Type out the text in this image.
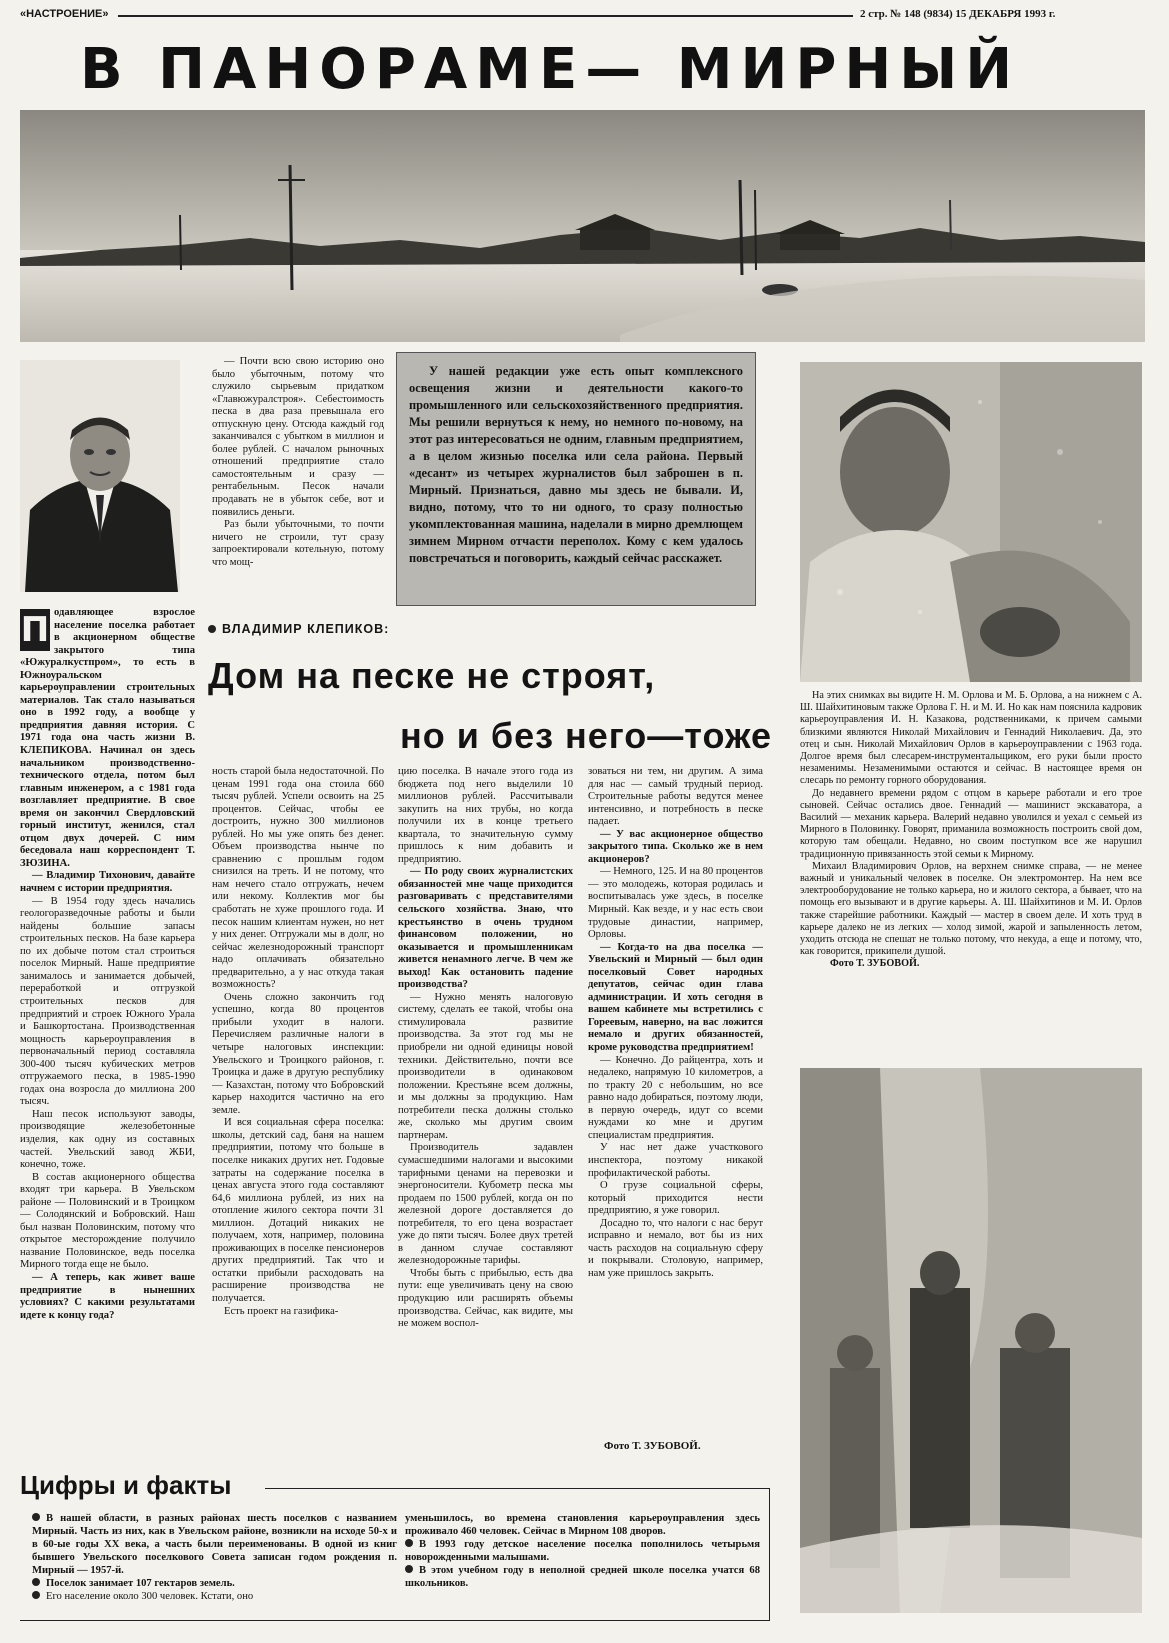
«НАСТРОЕНИЕ»	2 стр. № 148 (9834) 15 ДЕКАБРЯ 1993 г.
В ПАНОРАМЕ— МИРНЫЙ
П одавляющее взрослое население поселка работает в акционерном обществе закрытого типа «Южуралкустпром», то есть в Южноуральском карьероуправлении строительных материалов. Так стало называться оно в 1992 году, а вообще у предприятия давняя история. С 1971 года она часть жизни В. КЛЕПИКОВА. Начинал он здесь начальником производственно-технического отдела, потом был главным инженером, а с 1981 года возглавляет предприятие. В свое время он закончил Свердловский горный институт, женился, стал отцом двух дочерей. С ним беседовала наш корреспондент Т. ЗЮЗИНА.

— Владимир Тихонович, давайте начнем с истории предприятия.

— В 1954 году здесь начались геологоразведочные работы и были найдены большие запасы строительных песков. На базе карьера по их добыче потом стал строиться поселок Мирный. Наше предприятие занималось и занимается добычей, переработкой и отгрузкой строительных песков для предприятий и строек Южного Урала и Башкортостана. Производственная мощность карьероуправления в первоначальный период составляла 300-400 тысяч кубических метров отгружаемого песка, в 1985-1990 годах она возросла до миллиона 200 тысяч.

Наш песок используют заводы, производящие железобетонные изделия, как одну из составных частей. Увельский завод ЖБИ, конечно, тоже.

В состав акционерного общества входят три карьера. В Увельском районе — Половинский и в Троицком — Солодянский и Бобровский. Наш был назван Половинским, потому что открытое месторождение получило название Половинское, ведь поселка Мирного тогда еще не было.

— А теперь, как живет ваше предприятие в нынешних условиях? С какими результатами идете к концу года?

— Почти всю свою историю оно было убыточным, потому что служило сырьевым придатком «Главюжуралстроя». Себестоимость песка в два раза превышала его отпускную цену. Отсюда каждый год заканчивался с убытком в миллион и более рублей. С началом рыночных отношений предприятие стало самостоятельным и сразу — рентабельным. Песок начали продавать не в убыток себе, вот и появились деньги.

Раз были убыточными, то почти ничего не строили, тут сразу запроектировали котельную, потому что мощ-

У нашей редакции уже есть опыт комплексного освещения жизни и деятельности какого-то промышленного или сельскохозяйственного предприятия. Мы решили вернуться к нему, но немного по-новому, на этот раз интересоваться не одним, главным предприятием, а в целом жизнью поселка или села района. Первый «десант» из четырех журналистов был заброшен в п. Мирный. Признаться, давно мы здесь не бывали. И, видно, потому, что то ни одного, то сразу полностью укомплектованная машина, наделали в мирно дремлющем зимнем Мирном отчасти переполох. Кому с кем удалось повстречаться и поговорить, каждый сейчас расскажет.
ВЛАДИМИР КЛЕПИКОВ:
Дом на песке не строят,
но и без него—тоже

ность старой была недостаточной. По ценам 1991 года она стоила 660 тысяч рублей. Успели освоить на 25 процентов. Сейчас, чтобы ее достроить, нужно 300 миллионов рублей. Но мы уже опять без денег. Объем производства нынче по сравнению с прошлым годом снизился на треть. И не потому, что нам нечего стало отгружать, нечем или некому. Коллектив мог бы сработать не хуже прошлого года. И песок нашим клиентам нужен, но нет у них денег. Отгружали мы в долг, но сейчас железнодорожный транспорт надо оплачивать обязательно предварительно, а у нас откуда такая возможность?

Очень сложно закончить год успешно, когда 80 процентов прибыли уходит в налоги. Перечисляем различные налоги в четыре налоговых инспекции: Увельского и Троицкого районов, г. Троицка и даже в другую республику — Казахстан, потому что Бобровский карьер находится частично на его земле.

И вся социальная сфера поселка: школы, детский сад, баня на нашем предприятии, потому что больше в поселке никаких других нет. Годовые затраты на содержание поселка в ценах августа этого года составляют 64,6 миллиона рублей, из них на отопление жилого сектора почти 31 миллион. Дотаций никаких не получаем, хотя, например, половина проживающих в поселке пенсионеров других предприятий. Так что и остатки прибыли расходовать на расширение производства не получается.

Есть проект на газифика-

цию поселка. В начале этого года из бюджета под него выделили 10 миллионов рублей. Рассчитывали закупить на них трубы, но когда получили их в конце третьего квартала, то значительную сумму пришлось к ним добавить и предприятию.

— По роду своих журналистских обязанностей мне чаще приходится разговаривать с представителями сельского хозяйства. Знаю, что крестьянство в очень трудном финансовом положении, но оказывается и промышленникам живется ненамного легче. В чем же выход! Как остановить падение производства?

— Нужно менять налоговую систему, сделать ее такой, чтобы она стимулировала развитие производства. За этот год мы не приобрели ни одной единицы новой техники. Действительно, почти все производители в одинаковом положении. Крестьяне всем должны, и мы должны за продукцию. Нам потребители песка должны столько же, сколько мы другим своим партнерам.

Производитель задавлен сумасшедшими налогами и высокими тарифными ценами на перевозки и энергоносители. Кубометр песка мы продаем по 1500 рублей, когда он по железной дороге доставляется до потребителя, то его цена возрастает уже до пяти тысяч. Более двух третей в данном случае составляют железнодорожные тарифы.

Чтобы быть с прибылью, есть два пути: еще увеличивать цену на свою продукцию или расширять объемы производства. Сейчас, как видите, мы не можем воспол-

зоваться ни тем, ни другим. А зима для нас — самый трудный период. Строительные работы ведутся менее интенсивно, и потребность в песке падает.

— У вас акционерное общество закрытого типа. Сколько же в нем акционеров?

— Немного, 125. И на 80 процентов — это молодежь, которая родилась и воспитывалась уже здесь, в поселке Мирный. Как везде, и у нас есть свои трудовые династии, например, Орловы.

— Когда-то на два поселка — Увельский и Мирный — был один поселковый Совет народных депутатов, сейчас один глава администрации. И хоть сегодня в вашем кабинете мы встретились с Гореевым, наверно, на вас ложится немало и других обязанностей, кроме руководства предприятием!

— Конечно. До райцентра, хоть и недалеко, напрямую 10 километров, а по тракту 20 с небольшим, но все равно надо добираться, поэтому люди, в первую очередь, идут со всеми нуждами ко мне и другим специалистам предприятия.

У нас нет даже участкового инспектора, поэтому никакой профилактической работы.

О грузе социальной сферы, который приходится нести предприятию, я уже говорил.

Досадно то, что налоги с нас берут исправно и немало, вот бы из них часть расходов на социальную сферу и покрывали. Столовую, например, нам уже пришлось закрыть.

Фото Т. ЗУБОВОЙ.

На этих снимках вы видите Н. М. Орлова и М. Б. Орлова, а на нижнем с А. Ш. Шайхитиновым также Орлова Г. Н. и М. И. Но как нам пояснила кадровик карьероуправления И. Н. Казакова, родственниками, к причем самыми близкими являются Николай Михайлович и Геннадий Николаевич. Да, это отец и сын. Николай Михайлович Орлов в карьероуправлении с 1963 года. Долгое время был слесарем-инструментальщиком, его руки были просто незаменимы. Незаменимыми остаются и сейчас. В настоящее время он слесарь по ремонту горного оборудования.

До недавнего времени рядом с отцом в карьере работали и его трое сыновей. Сейчас остались двое. Геннадий — машинист экскаватора, а Василий — механик карьера. Валерий недавно уволился и уехал с семьей из Мирного в Половинку. Говорят, приманила возможность построить свой дом, которую там обещали. Недавно, но своим поступком все же нарушил традиционную привязанность этой семьи к Мирному.

Михаил Владимирович Орлов, на верхнем снимке справа, — не менее важный и уникальный человек в поселке. Он электромонтер. На нем все электрооборудование не только карьера, но и жилого сектора, а бывает, что на помощь его вызывают и в другие карьеры. А. Ш. Шайхитинов и М. И. Орлов также старейшие работники. Каждый — мастер в своем деле. И хоть труд в карьере далеко не из легких — холод зимой, жарой и запыленность летом, уходить отсюда не спешат не только потому, что некуда, а еще и потому, что, как говорится, прикипели душой.

Фото Т. ЗУБОВОЙ.

Цифры и факты
В нашей области, в разных районах шесть поселков с названием Мирный. Часть из них, как в Увельском районе, возникли на исходе 50-х и в 60-ые годы XX века, а часть были переименованы. В одной из книг бывшего Увельского поселкового Совета записан годом рождения п. Мирный — 1957-й.
Поселок занимает 107 гектаров земель.
Его население около 300 человек. Кстати, оно
уменьшилось, во времена становления карьероуправления здесь проживало 460 человек. Сейчас в Мирном 108 дворов.
В 1993 году детское население поселка пополнилось четырьмя новорожденными малышами.
В этом учебном году в неполной средней школе поселка учатся 68 школьников.
